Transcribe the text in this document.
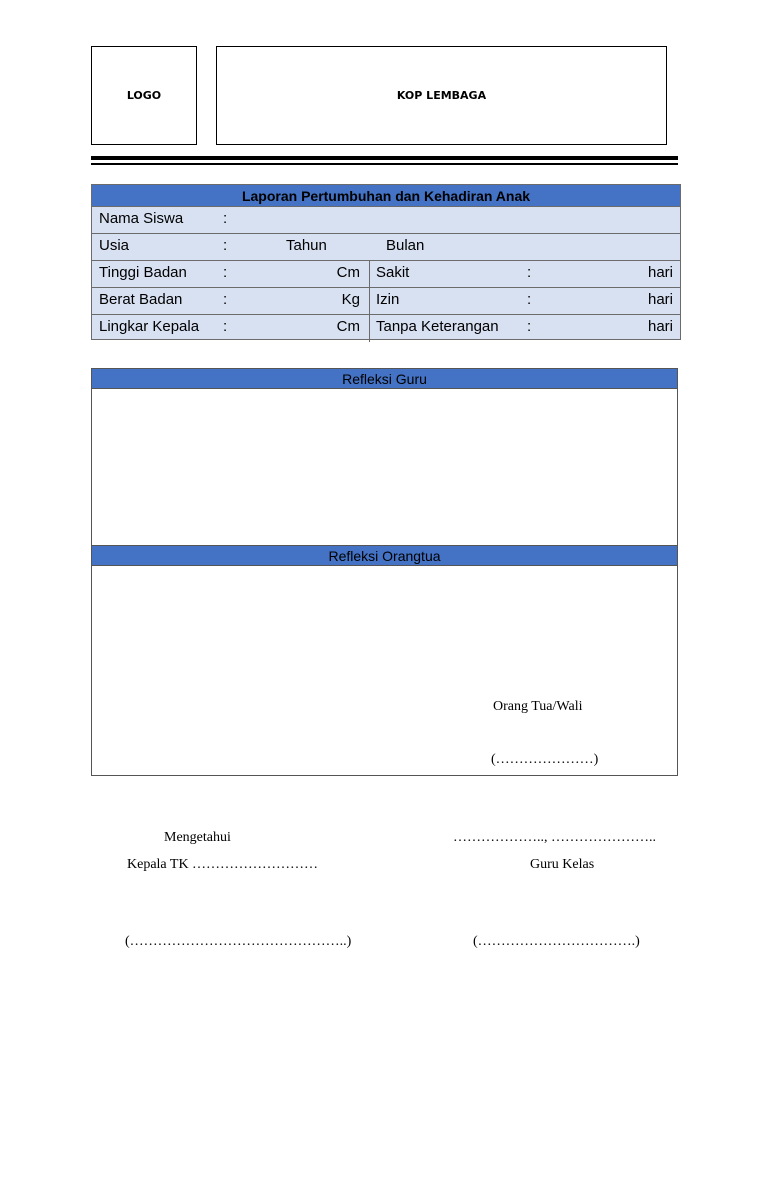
LOGO	KOP LEMBAGA
Laporan Pertumbuhan dan Kehadiran Anak
Nama Siswa	:
Usia	:	Tahun	Bulan
Tinggi Badan :	Cm Sakit	:	hari
Berat Badan	:	Kg Izin	:	hari
Lingkar Kepala :	Cm Tanpa Keterangan :	hari
Refleksi Guru
Refleksi Orangtua
Orang Tua/Wali
(…………………)
Mengetahui
Kepala TK ………………………
……………….., …………………..
Guru Kelas
(………………………………………..)	(…………………………….)
